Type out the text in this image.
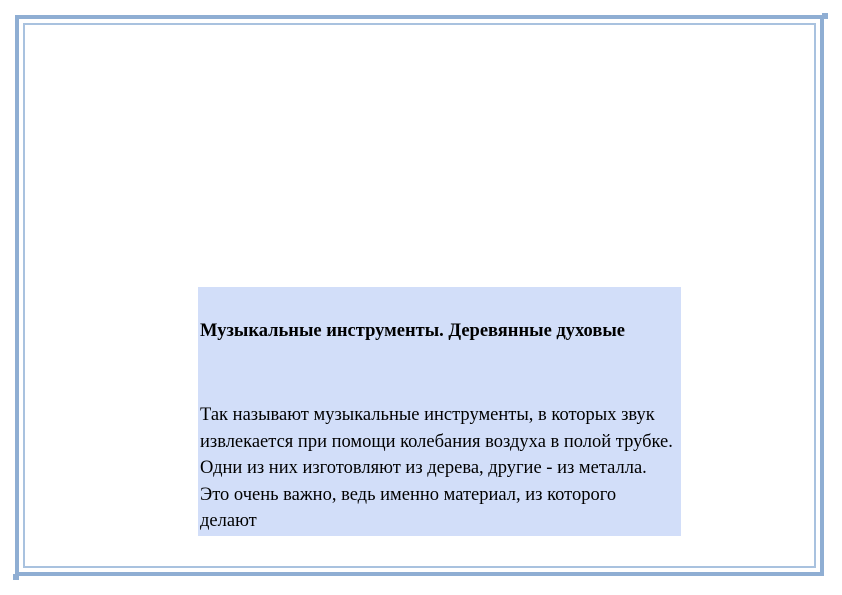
Музыкальные инструменты. Деревянные духовые

Так называют музыкальные инструменты, в которых звук извлекается при помощи колебания воздуха в полой трубке. Одни из них изготовляют из дерева, другие - из металла. Это очень важно, ведь именно материал, из которого делают
